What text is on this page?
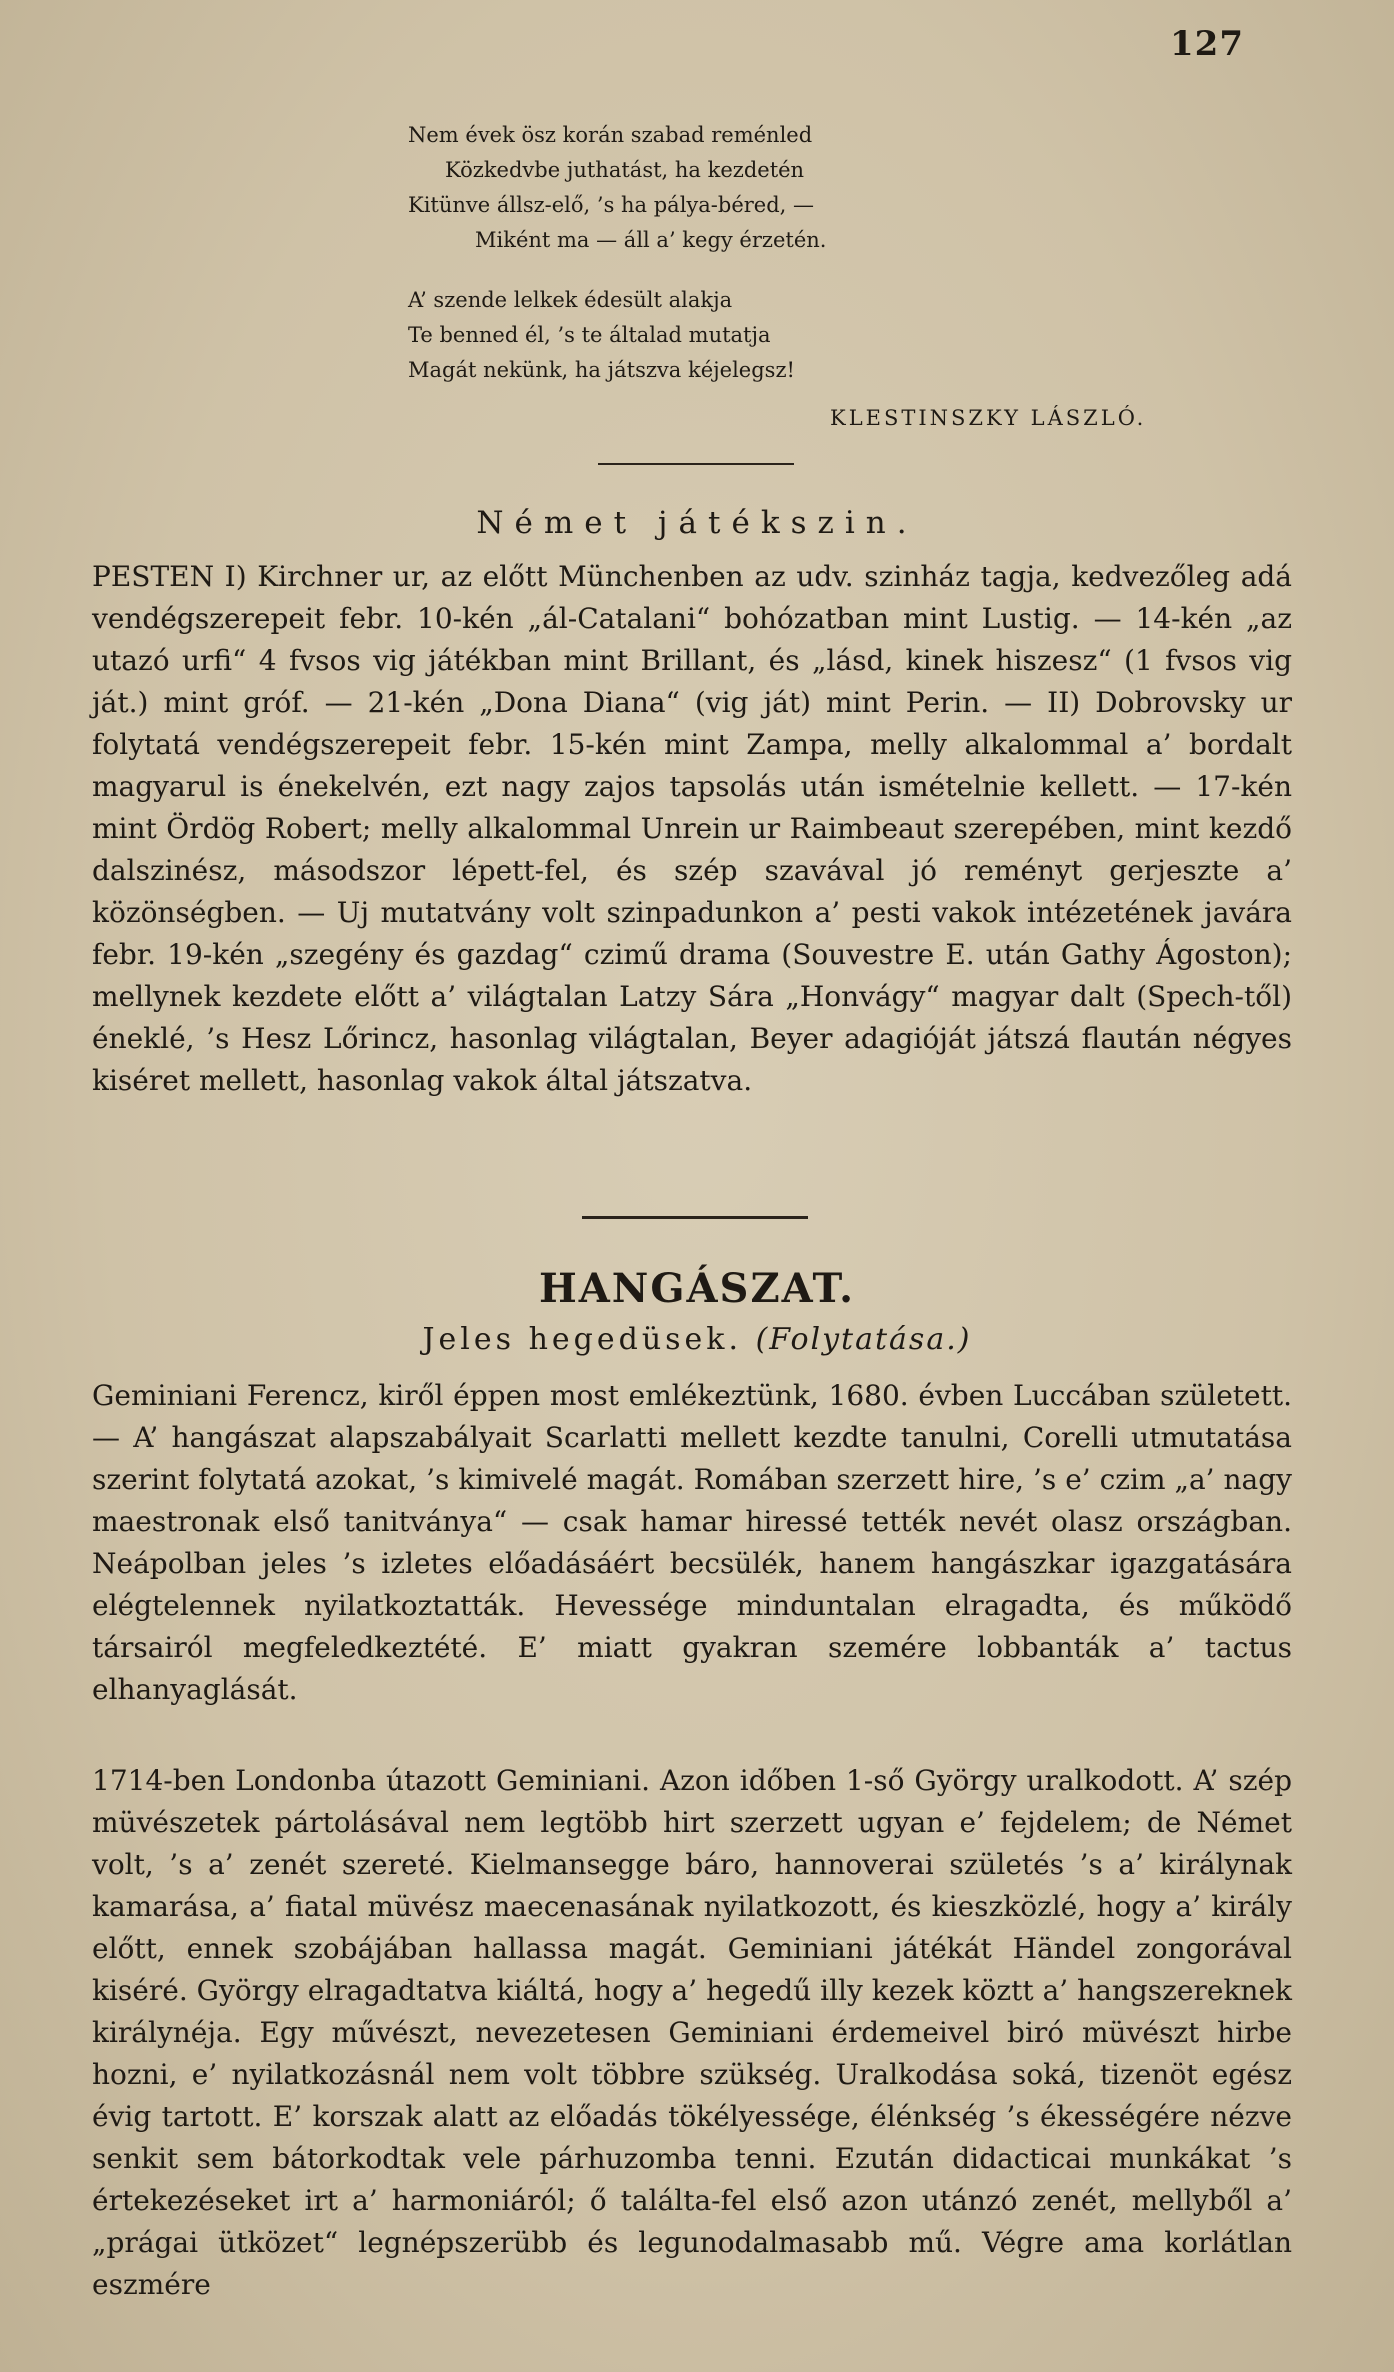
127
Nem évek ösz korán szabad reménled
Közkedvbe juthatást, ha kezdetén
Kitünve állsz-elő, ’s ha pálya-béred, —
Miként ma — áll a’ kegy érzetén.
A’ szende lelkek édesült alakja
Te benned él, ’s te általad mutatja
Magát nekünk, ha játszva kéjelegsz!
KLESTINSZKY LÁSZLÓ.
Német játékszin.
PESTEN I) Kirchner ur, az előtt Münchenben az udv. szinház tagja, kedvezőleg adá vendégszerepeit febr. 10-kén „ál-Catalani“ bohózatban mint Lustig. — 14-kén „az utazó urfi“ 4 fvsos vig játékban mint Brillant, és „lásd, kinek hiszesz“ (1 fvsos vig ját.) mint gróf. — 21-kén „Dona Diana“ (vig ját) mint Perin. — II) Dobrovsky ur folytatá vendégszerepeit febr. 15-kén mint Zampa, melly alkalommal a’ bordalt magyarul is énekelvén, ezt nagy zajos tapsolás után ismételnie kellett. — 17-kén mint Ördög Robert; melly alkalommal Unrein ur Raimbeaut szerepében, mint kezdő dalszinész, másodszor lépett-fel, és szép szavával jó reményt gerjeszte a’ közönségben. — Uj mutatvány volt szinpadunkon a’ pesti vakok intézetének javára febr. 19-kén „szegény és gazdag“ czimű drama (Souvestre E. után Gathy Ágoston); mellynek kezdete előtt a’ világtalan Latzy Sára „Honvágy“ magyar dalt (Spech-től) éneklé, ’s Hesz Lőrincz, hasonlag világtalan, Beyer adagióját játszá flaután négyes kiséret mellett, hasonlag vakok által játszatva.
HANGÁSZAT.
Jeles hegedüsek. (Folytatása.)
Geminiani Ferencz, kiről éppen most emlékeztünk, 1680. évben Luccában született. — A’ hangászat alapszabályait Scarlatti mellett kezdte tanulni, Corelli utmutatása szerint folytatá azokat, ’s kimivelé magát. Romában szerzett hire, ’s e’ czim „a’ nagy maestronak első tanitványa“ — csak hamar hiressé tették nevét olasz országban. Neápolban jeles ’s izletes előadásáért becsülék, hanem hangászkar igazgatására elégtelennek nyilatkoztatták. Hevessége minduntalan elragadta, és működő társairól megfeledkeztété. E’ miatt gyakran szemére lobbanták a’ tactus elhanyaglását.
1714-ben Londonba útazott Geminiani. Azon időben 1-ső György uralkodott. A’ szép müvészetek pártolásával nem legtöbb hirt szerzett ugyan e’ fejdelem; de Német volt, ’s a’ zenét szereté. Kielmansegge báro, hannoverai születés ’s a’ királynak kamarása, a’ fiatal müvész maecenasának nyilatkozott, és kieszközlé, hogy a’ király előtt, ennek szobájában hallassa magát. Geminiani játékát Händel zongorával kiséré. György elragadtatva kiáltá, hogy a’ hegedű illy kezek köztt a’ hangszereknek királynéja. Egy művészt, nevezetesen Geminiani érdemeivel biró müvészt hirbe hozni, e’ nyilatkozásnál nem volt többre szükség. Uralkodása soká, tizenöt egész évig tartott. E’ korszak alatt az előadás tökélyessége, élénkség ’s ékességére nézve senkit sem bátorkodtak vele párhuzomba tenni. Ezután didacticai munkákat ’s értekezéseket irt a’ harmoniáról; ő találta-fel első azon utánzó zenét, mellyből a’ „prágai ütközet“ legnépszerübb és legunodalmasabb mű. Végre ama korlátlan eszmére
